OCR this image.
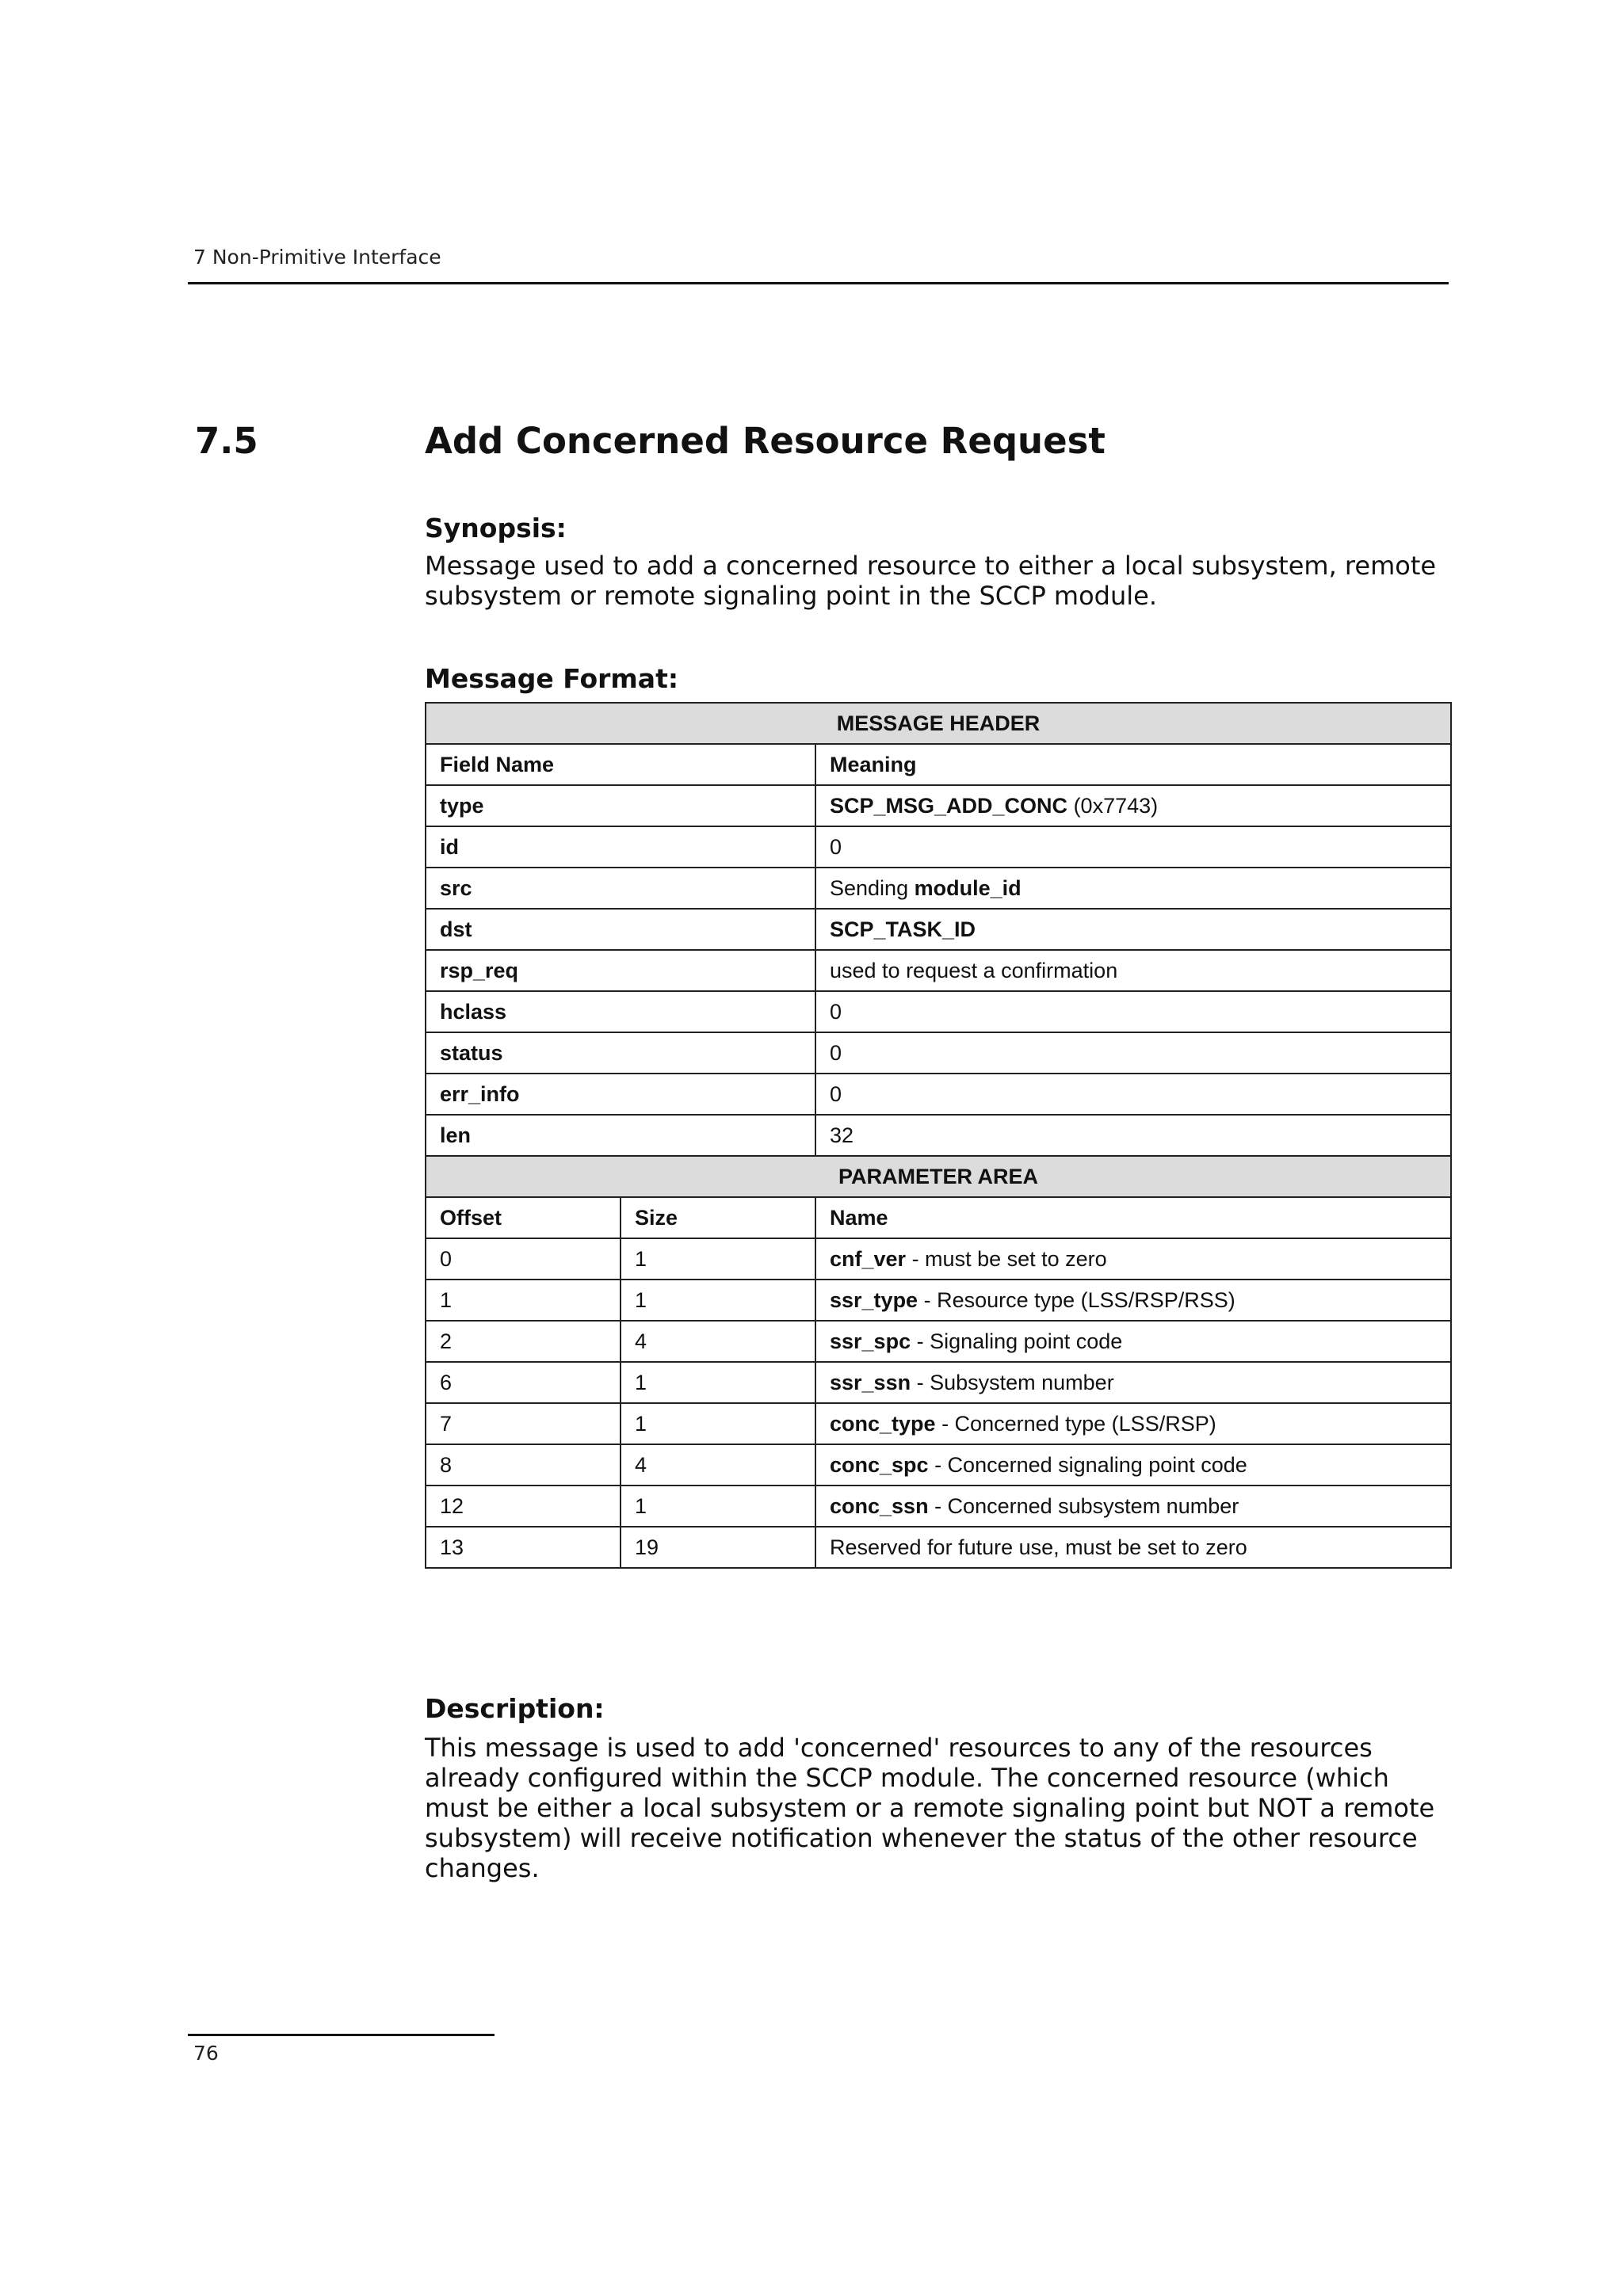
7 Non-Primitive Interface
7.5	Add Concerned Resource Request
Synopsis:

Message used to add a concerned resource to either a local subsystem, remote subsystem or remote signaling point in the SCCP module.

Message Format:
MESSAGE HEADER		
Field Name		Meaning
type		SCP_MSG_ADD_CONC (0x7743)
id		0
src		Sending module_id
dst		SCP_TASK_ID
rsp_req		used to request a confirmation
hclass		0
status		0
err_info		0
len		32
PARAMETER AREA		
Offset	Size	Name
0	1	cnf_ver - must be set to zero
1	1	ssr_type - Resource type (LSS/RSP/RSS)
2	4	ssr_spc - Signaling point code
6	1	ssr_ssn - Subsystem number
7	1	conc_type - Concerned type (LSS/RSP)
8	4	conc_spc - Concerned signaling point code
12	1	conc_ssn - Concerned subsystem number
13	19	Reserved for future use, must be set to zero
Description:

This message is used to add 'concerned' resources to any of the resources already configured within the SCCP module. The concerned resource (which must be either a local subsystem or a remote signaling point but NOT a remote subsystem) will receive notification whenever the status of the other resource changes.

76
